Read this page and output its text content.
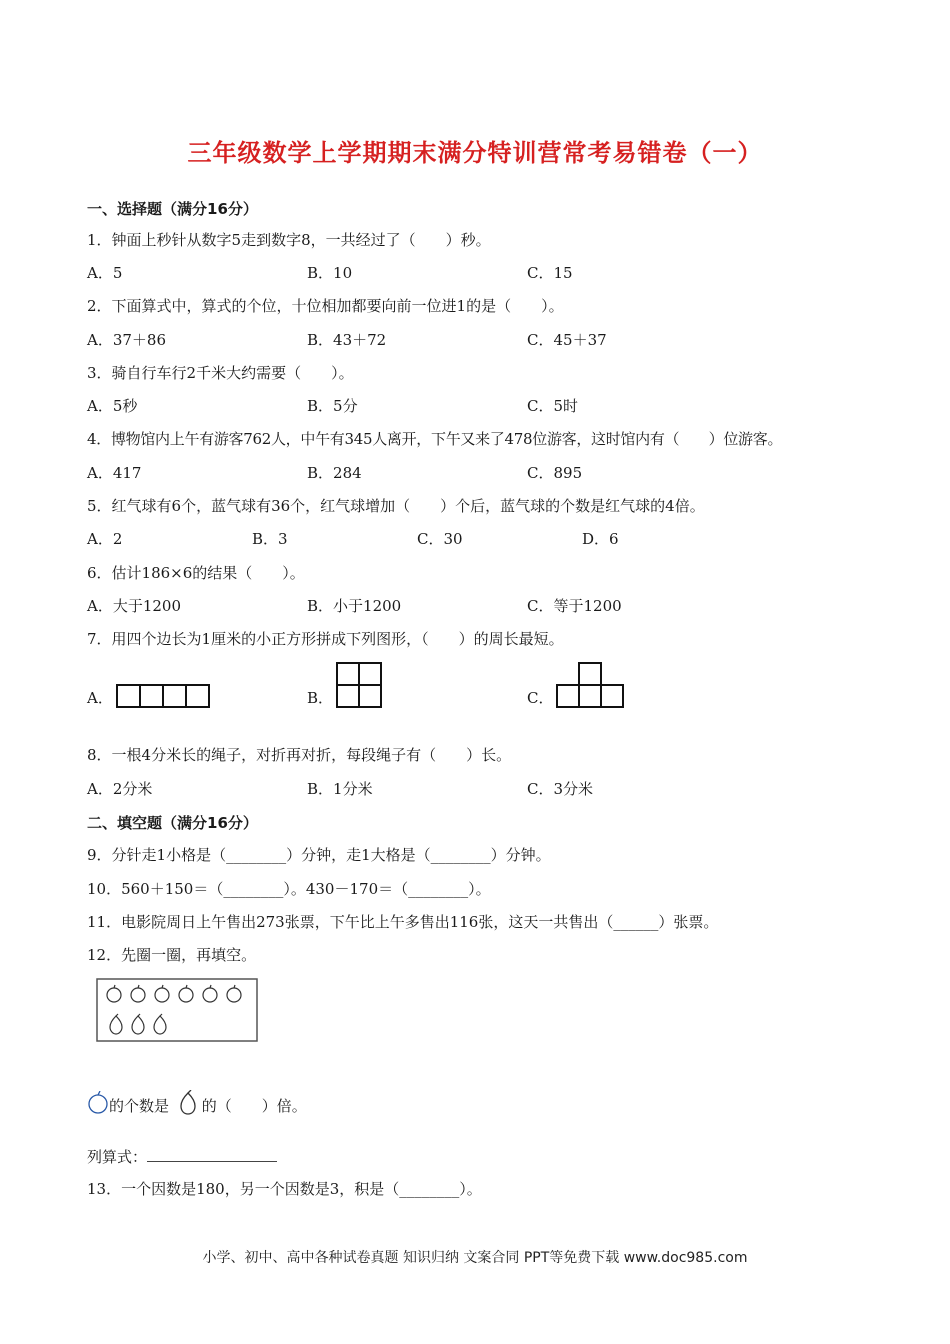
三年级数学上学期期末满分特训营常考易错卷（一）
一、选择题（满分16分）
1．钟面上秒针从数字5走到数字8，一共经过了（　　）秒。
A．5	B．10	C．15
2．下面算式中，算式的个位，十位相加都要向前一位进1的是（　　）。
A．37＋86	B．43＋72	C．45＋37
3．骑自行车行2千米大约需要（　　）。
A．5秒	B．5分	C．5时
4．博物馆内上午有游客762人，中午有345人离开，下午又来了478位游客，这时馆内有（　　）位游客。
A．417	B．284	C．895
5．红气球有6个，蓝气球有36个，红气球增加（　　）个后，蓝气球的个数是红气球的4倍。
A．2	B．3	C．30	D．6
6．估计186×6的结果（　　）。
A．大于1200	B．小于1200	C．等于1200
7．用四个边长为1厘米的小正方形拼成下列图形，（　　）的周长最短。
A．	B．	C．
8．一根4分米长的绳子，对折再对折，每段绳子有（　　）长。
A．2分米	B．1分米	C．3分米
二、填空题（满分16分）
9．分针走1小格是（________）分钟，走1大格是（________）分钟。
10．560＋150＝（________）。430－170＝（________）。
11．电影院周日上午售出273张票，下午比上午多售出116张，这天一共售出（______）张票。
12．先圈一圈，再填空。
的个数是 的（　　）倍。
列算式：
13．一个因数是180，另一个因数是3，积是（________）。
小学、初中、高中各种试卷真题 知识归纳 文案合同 PPT等免费下载 www.doc985.com
